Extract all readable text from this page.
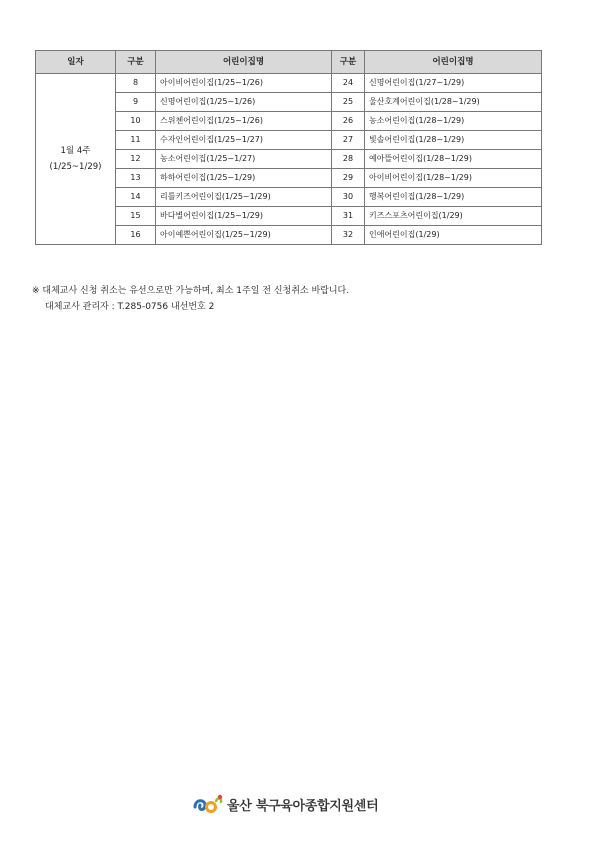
일자	구분	어린이집명	구분	어린이집명

1월 4주
(1/25~1/29)	8	아이비어린이집(1/25~1/26)	24	신명어린이집(1/27~1/29)
	9	신명어린이집(1/25~1/26)	25	울산호계어린이집(1/28~1/29)
	10	스위첸어린이집(1/25~1/26)	26	농소어린이집(1/28~1/29)
	11	수자인어린이집(1/25~1/27)	27	빛솔어린이집(1/28~1/29)
	12	농소어린이집(1/25~1/27)	28	예아뜰어린이집(1/28~1/29)
	13	하하어린이집(1/25~1/29)	29	아이비어린이집(1/28~1/29)
	14	리틀키즈어린이집(1/25~1/29)	30	행복어린이집(1/28~1/29)
	15	바다별어린이집(1/25~1/29)	31	키즈스포츠어린이집(1/29)
	16	아이예쁜어린이집(1/25~1/29)	32	인애어린이집(1/29)
※ 대체교사 신청 취소는 유선으로만 가능하며, 최소 1주일 전 신청취소 바랍니다.
대체교사 관리자 : T.285-0756 내선번호 2
울산 북구육아종합지원센터
